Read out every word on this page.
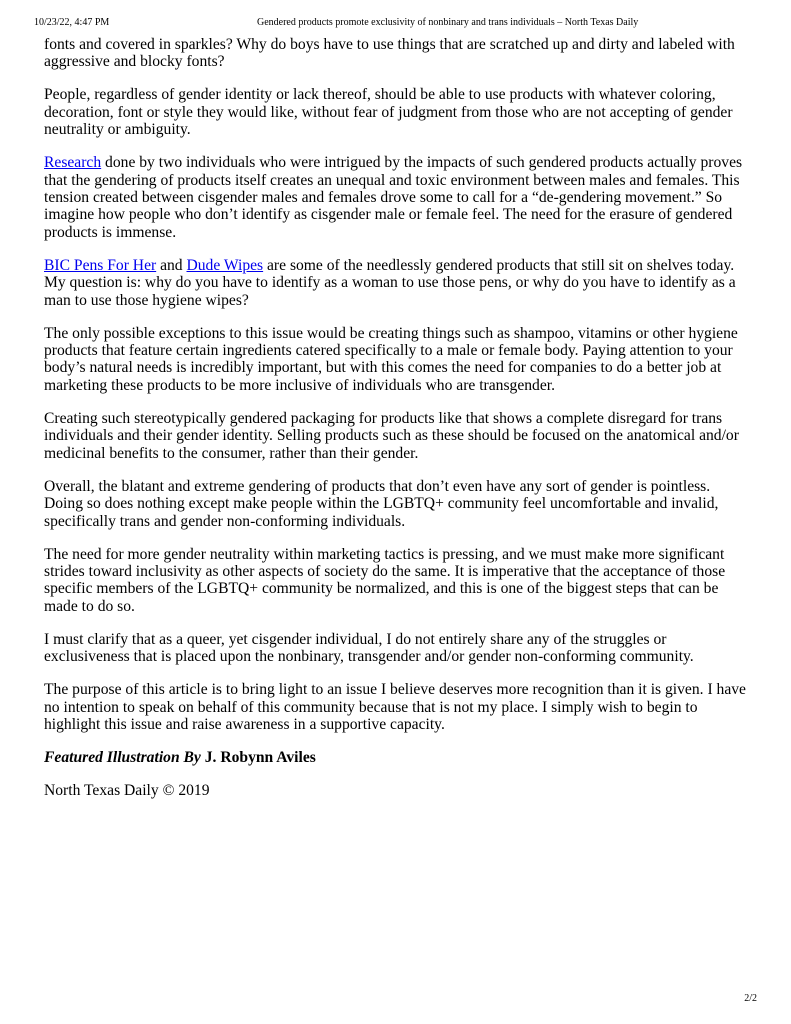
10/23/22, 4:47 PM	Gendered products promote exclusivity of nonbinary and trans individuals – North Texas Daily

fonts and covered in sparkles? Why do boys have to use things that are scratched up and dirty and labeled with aggressive and blocky fonts?

People, regardless of gender identity or lack thereof, should be able to use products with whatever coloring, decoration, font or style they would like, without fear of judgment from those who are not accepting of gender neutrality or ambiguity.

Research done by two individuals who were intrigued by the impacts of such gendered products actually proves that the gendering of products itself creates an unequal and toxic environment between males and females. This tension created between cisgender males and females drove some to call for a “de-gendering movement.” So imagine how people who don’t identify as cisgender male or female feel. The need for the erasure of gendered products is immense.

BIC Pens For Her and Dude Wipes are some of the needlessly gendered products that still sit on shelves today. My question is: why do you have to identify as a woman to use those pens, or why do you have to identify as a man to use those hygiene wipes?

The only possible exceptions to this issue would be creating things such as shampoo, vitamins or other hygiene products that feature certain ingredients catered specifically to a male or female body. Paying attention to your body’s natural needs is incredibly important, but with this comes the need for companies to do a better job at marketing these products to be more inclusive of individuals who are transgender.

Creating such stereotypically gendered packaging for products like that shows a complete disregard for trans individuals and their gender identity. Selling products such as these should be focused on the anatomical and/or medicinal benefits to the consumer, rather than their gender.

Overall, the blatant and extreme gendering of products that don’t even have any sort of gender is pointless. Doing so does nothing except make people within the LGBTQ+ community feel uncomfortable and invalid, specifically trans and gender non-conforming individuals.

The need for more gender neutrality within marketing tactics is pressing, and we must make more significant strides toward inclusivity as other aspects of society do the same. It is imperative that the acceptance of those specific members of the LGBTQ+ community be normalized, and this is one of the biggest steps that can be made to do so.

I must clarify that as a queer, yet cisgender individual, I do not entirely share any of the struggles or exclusiveness that is placed upon the nonbinary, transgender and/or gender non-conforming community.

The purpose of this article is to bring light to an issue I believe deserves more recognition than it is given. I have no intention to speak on behalf of this community because that is not my place. I simply wish to begin to highlight this issue and raise awareness in a supportive capacity.

Featured Illustration By J. Robynn Aviles

North Texas Daily © 2019

2/2
